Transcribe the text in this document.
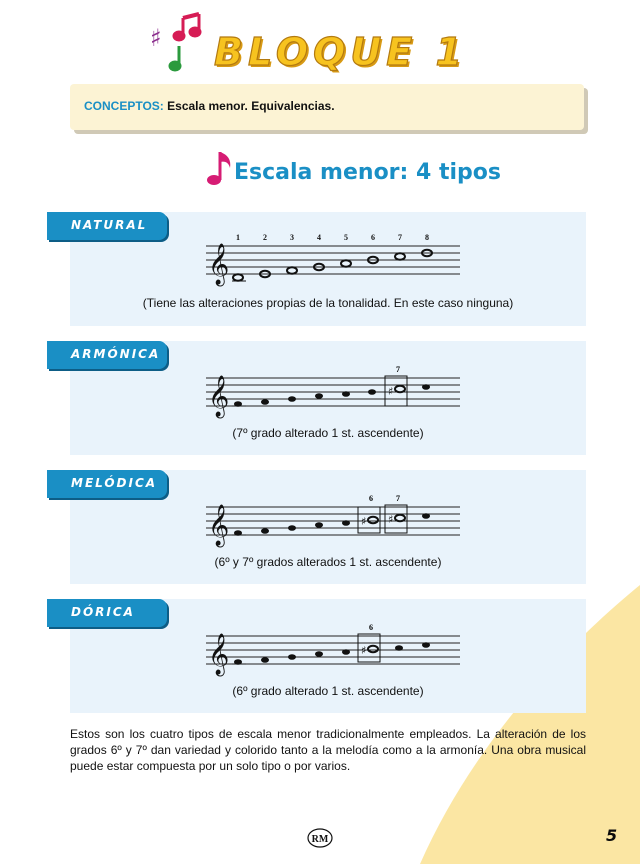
♯ BLOQUE 1
CONCEPTOS: Escala menor. Equivalencias.
Escala menor: 4 tipos
NATURAL
𝄞
1	2	3	4	5	6	7	8
(Tiene las alteraciones propias de la tonalidad. En este caso ninguna)
ARMÓNICA
𝄞
7
♯
(7º grado alterado 1 st. ascendente)
MELÓDICA
𝄞
6	7
♯ ♯
(6º y 7º grados alterados 1 st. ascendente)
DÓRICA
𝄞
6
♯
(6º grado alterado 1 st. ascendente)
Estos son los cuatro tipos de escala menor tradicionalmente empleados. La alteración de los grados 6º y 7º dan variedad y colorido tanto a la melodía como a la armonía. Una obra musical puede estar compuesta por un solo tipo o por varios.
RM	5
